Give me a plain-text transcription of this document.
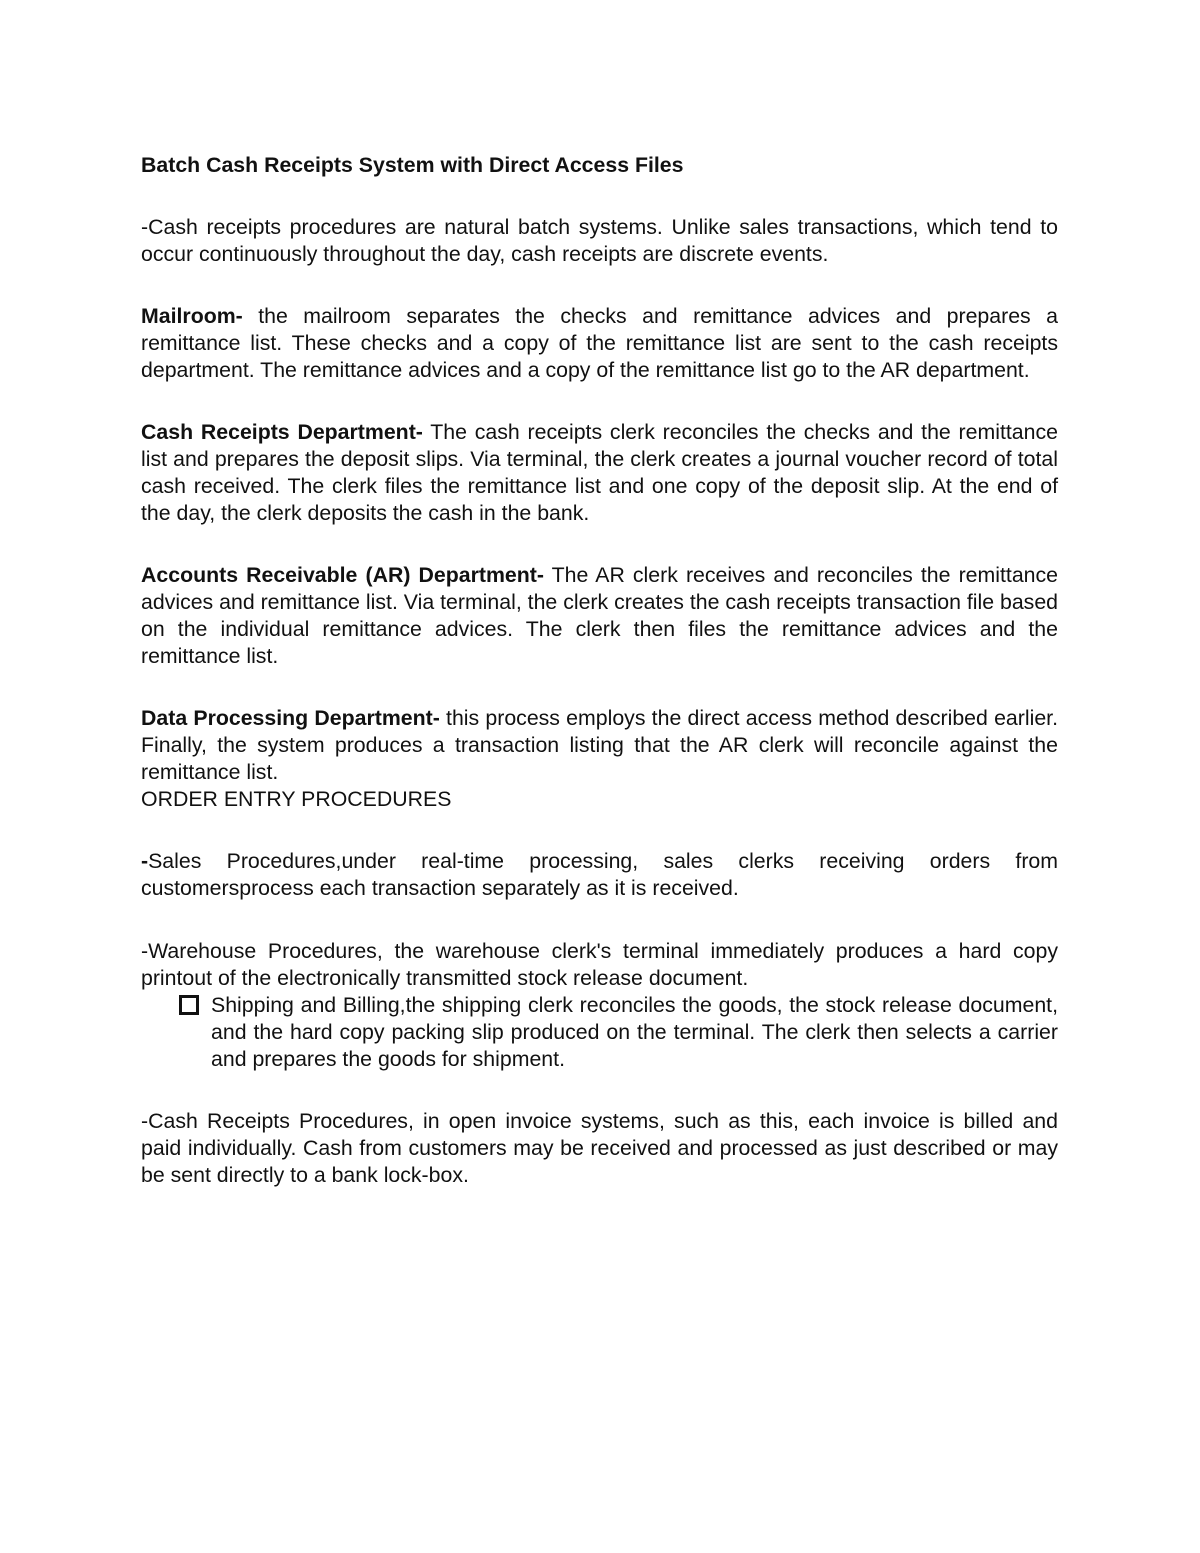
Batch Cash Receipts System with Direct Access Files

-Cash receipts procedures are natural batch systems. Unlike sales transactions, which tend to occur continuously throughout the day, cash receipts are discrete events.

Mailroom- the mailroom separates the checks and remittance advices and prepares a remittance list. These checks and a copy of the remittance list are sent to the cash receipts department. The remittance advices and a copy of the remittance list go to the AR department.

Cash Receipts Department- The cash receipts clerk reconciles the checks and the remittance list and prepares the deposit slips. Via terminal, the clerk creates a journal voucher record of total cash received. The clerk files the remittance list and one copy of the deposit slip. At the end of the day, the clerk deposits the cash in the bank.

Accounts Receivable (AR) Department- The AR clerk receives and reconciles the remittance advices and remittance list. Via terminal, the clerk creates the cash receipts transaction file based on the individual remittance advices. The clerk then files the remittance advices and the remittance list.

Data Processing Department- this process employs the direct access method described earlier. Finally, the system produces a transaction listing that the AR clerk will reconcile against the remittance list.

ORDER ENTRY PROCEDURES

-Sales Procedures,under real-time processing, sales clerks receiving orders from customersprocess each transaction separately as it is received.

-Warehouse Procedures, the warehouse clerk's terminal immediately produces a hard copy printout of the electronically transmitted stock release document.

Shipping and Billing,the shipping clerk reconciles the goods, the stock release document, and the hard copy packing slip produced on the terminal. The clerk then selects a carrier and prepares the goods for shipment.

-Cash Receipts Procedures, in open invoice systems, such as this, each invoice is billed and paid individually. Cash from customers may be received and processed as just described or may be sent directly to a bank lock-box.
